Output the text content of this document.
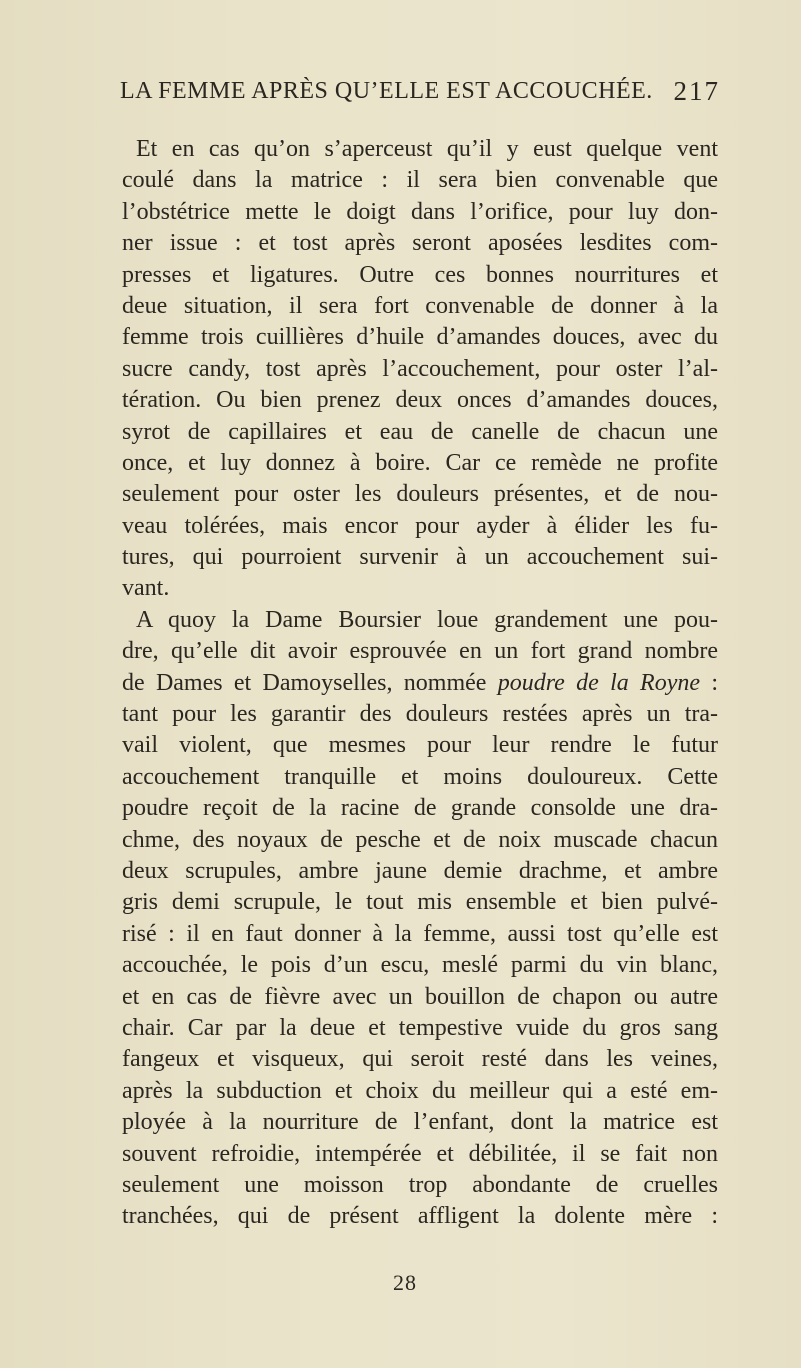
LA FEMME APRÈS QU’ELLE EST ACCOUCHÉE. 217
Et en cas qu’on s’aperceust qu’il y eust quelque vent
coulé dans la matrice : il sera bien convenable que
l’obstétrice mette le doigt dans l’orifice, pour luy don-
ner issue : et tost après seront aposées lesdites com-
presses et ligatures. Outre ces bonnes nourritures et
deue situation, il sera fort convenable de donner à la
femme trois cuillières d’huile d’amandes douces, avec du
sucre candy, tost après l’accouchement, pour oster l’al-
tération. Ou bien prenez deux onces d’amandes douces,
syrot de capillaires et eau de canelle de chacun une
once, et luy donnez à boire. Car ce remède ne profite
seulement pour oster les douleurs présentes, et de nou-
veau tolérées, mais encor pour ayder à élider les fu-
tures, qui pourroient survenir à un accouchement sui-
vant.
A quoy la Dame Boursier loue grandement une pou-
dre, qu’elle dit avoir esprouvée en un fort grand nombre
de Dames et Damoyselles, nommée poudre de la Royne :
tant pour les garantir des douleurs restées après un tra-
vail violent, que mesmes pour leur rendre le futur
accouchement tranquille et moins douloureux. Cette
poudre reçoit de la racine de grande consolde une dra-
chme, des noyaux de pesche et de noix muscade chacun
deux scrupules, ambre jaune demie drachme, et ambre
gris demi scrupule, le tout mis ensemble et bien pulvé-
risé : il en faut donner à la femme, aussi tost qu’elle est
accouchée, le pois d’un escu, meslé parmi du vin blanc,
et en cas de fièvre avec un bouillon de chapon ou autre
chair. Car par la deue et tempestive vuide du gros sang
fangeux et visqueux, qui seroit resté dans les veines,
après la subduction et choix du meilleur qui a esté em-
ployée à la nourriture de l’enfant, dont la matrice est
souvent refroidie, intempérée et débilitée, il se fait non
seulement une moisson trop abondante de cruelles
tranchées, qui de présent affligent la dolente mère :
28
